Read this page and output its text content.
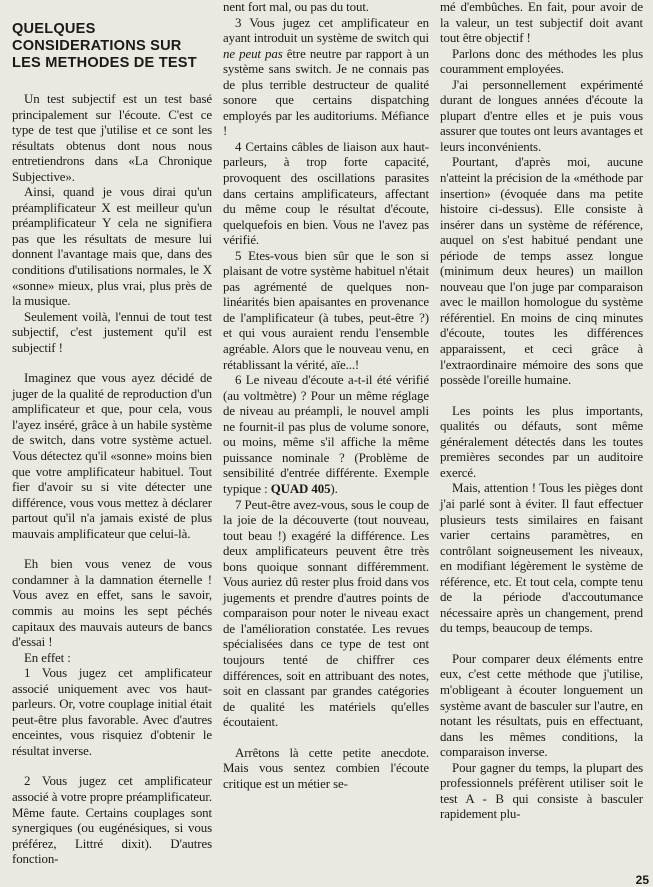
QUELQUES
CONSIDERATIONS SUR
LES METHODES DE TEST

Un test subjectif est un test basé principalement sur l'écoute. C'est ce type de test que j'utilise et ce sont les résultats obtenus dont nous nous entretiendrons dans «La Chronique Subjective».

Ainsi, quand je vous dirai qu'un préamplificateur X est meilleur qu'un préamplificateur Y cela ne signifiera pas que les résultats de mesure lui donnent l'avantage mais que, dans des conditions d'utilisations normales, le X «sonne» mieux, plus vrai, plus près de la musique.

Seulement voilà, l'ennui de tout test subjectif, c'est justement qu'il est subjectif !

Imaginez que vous ayez décidé de juger de la qualité de reproduction d'un amplificateur et que, pour cela, vous l'ayez inséré, grâce à un habile système de switch, dans votre système actuel. Vous détectez qu'il «sonne» moins bien que votre amplificateur habituel. Tout fier d'avoir su si vite détecter une différence, vous vous mettez à déclarer partout qu'il n'a jamais existé de plus mauvais amplificateur que celui-là.

Eh bien vous venez de vous condamner à la damnation éternelle ! Vous avez en effet, sans le savoir, commis au moins les sept péchés capitaux des mauvais auteurs de bancs d'essai !

En effet :

1 Vous jugez cet amplificateur associé uniquement avec vos haut-parleurs. Or, votre couplage initial était peut-être plus favorable. Avec d'autres enceintes, vous risquiez d'obtenir le résultat inverse.

2 Vous jugez cet amplificateur associé à votre propre préamplificateur. Même faute. Certains couplages sont synergiques (ou eugénésiques, si vous préférez, Littré dixit). D'autres fonction-

nent fort mal, ou pas du tout.

3 Vous jugez cet amplificateur en ayant introduit un système de switch qui ne peut pas être neutre par rapport à un système sans switch. Je ne connais pas de plus terrible destructeur de qualité sonore que certains dispatching employés par les auditoriums. Méfiance !

4 Certains câbles de liaison aux haut-parleurs, à trop forte capacité, provoquent des oscillations parasites dans certains amplificateurs, affectant du même coup le résultat d'écoute, quelquefois en bien. Vous ne l'avez pas vérifié.

5 Etes-vous bien sûr que le son si plaisant de votre système habituel n'était pas agrémenté de quelques non-linéarités bien apaisantes en provenance de l'amplificateur (à tubes, peut-être ?) et qui vous auraient rendu l'ensemble agréable. Alors que le nouveau venu, en rétablissant la vérité, aïe...!

6 Le niveau d'écoute a-t-il été vérifié (au voltmètre) ? Pour un même réglage de niveau au préampli, le nouvel ampli ne fournit-il pas plus de volume sonore, ou moins, même s'il affiche la même puissance nominale ? (Problème de sensibilité d'entrée différente. Exemple typique : QUAD 405).

7 Peut-être avez-vous, sous le coup de la joie de la découverte (tout nouveau, tout beau !) exagéré la différence. Les deux amplificateurs peuvent être très bons quoique sonnant différemment. Vous auriez dû rester plus froid dans vos jugements et prendre d'autres points de comparaison pour noter le niveau exact de l'amélioration constatée. Les revues spécialisées dans ce type de test ont toujours tenté de chiffrer ces différences, soit en attribuant des notes, soit en classant par grandes catégories de qualité les matériels qu'elles écoutaient.

Arrêtons là cette petite anecdote. Mais vous sentez combien l'écoute critique est un métier se-

mé d'embûches. En fait, pour avoir de la valeur, un test subjectif doit avant tout être objectif !

Parlons donc des méthodes les plus couramment employées.

J'ai personnellement expérimenté durant de longues années d'écoute la plupart d'entre elles et je puis vous assurer que toutes ont leurs avantages et leurs inconvénients.

Pourtant, d'après moi, aucune n'atteint la précision de la «méthode par insertion» (évoquée dans ma petite histoire ci-dessus). Elle consiste à insérer dans un système de référence, auquel on s'est habitué pendant une période de temps assez longue (minimum deux heures) un maillon nouveau que l'on juge par comparaison avec le maillon homologue du système référentiel. En moins de cinq minutes d'écoute, toutes les différences apparaissent, et ceci grâce à l'extraordinaire mémoire des sons que possède l'oreille humaine.

Les points les plus importants, qualités ou défauts, sont même généralement détectés dans les toutes premières secondes par un auditoire exercé.

Mais, attention ! Tous les pièges dont j'ai parlé sont à éviter. Il faut effectuer plusieurs tests similaires en faisant varier certains paramètres, en contrôlant soigneusement les niveaux, en modifiant légèrement le système de référence, etc. Et tout cela, compte tenu de la période d'accoutumance nécessaire après un changement, prend du temps, beaucoup de temps.

Pour comparer deux éléments entre eux, c'est cette méthode que j'utilise, m'obligeant à écouter longuement un système avant de basculer sur l'autre, en notant les résultats, puis en effectuant, dans les mêmes conditions, la comparaison inverse.

Pour gagner du temps, la plupart des professionnels préfèrent utiliser soit le test A - B qui consiste à basculer rapidement plu-

25
